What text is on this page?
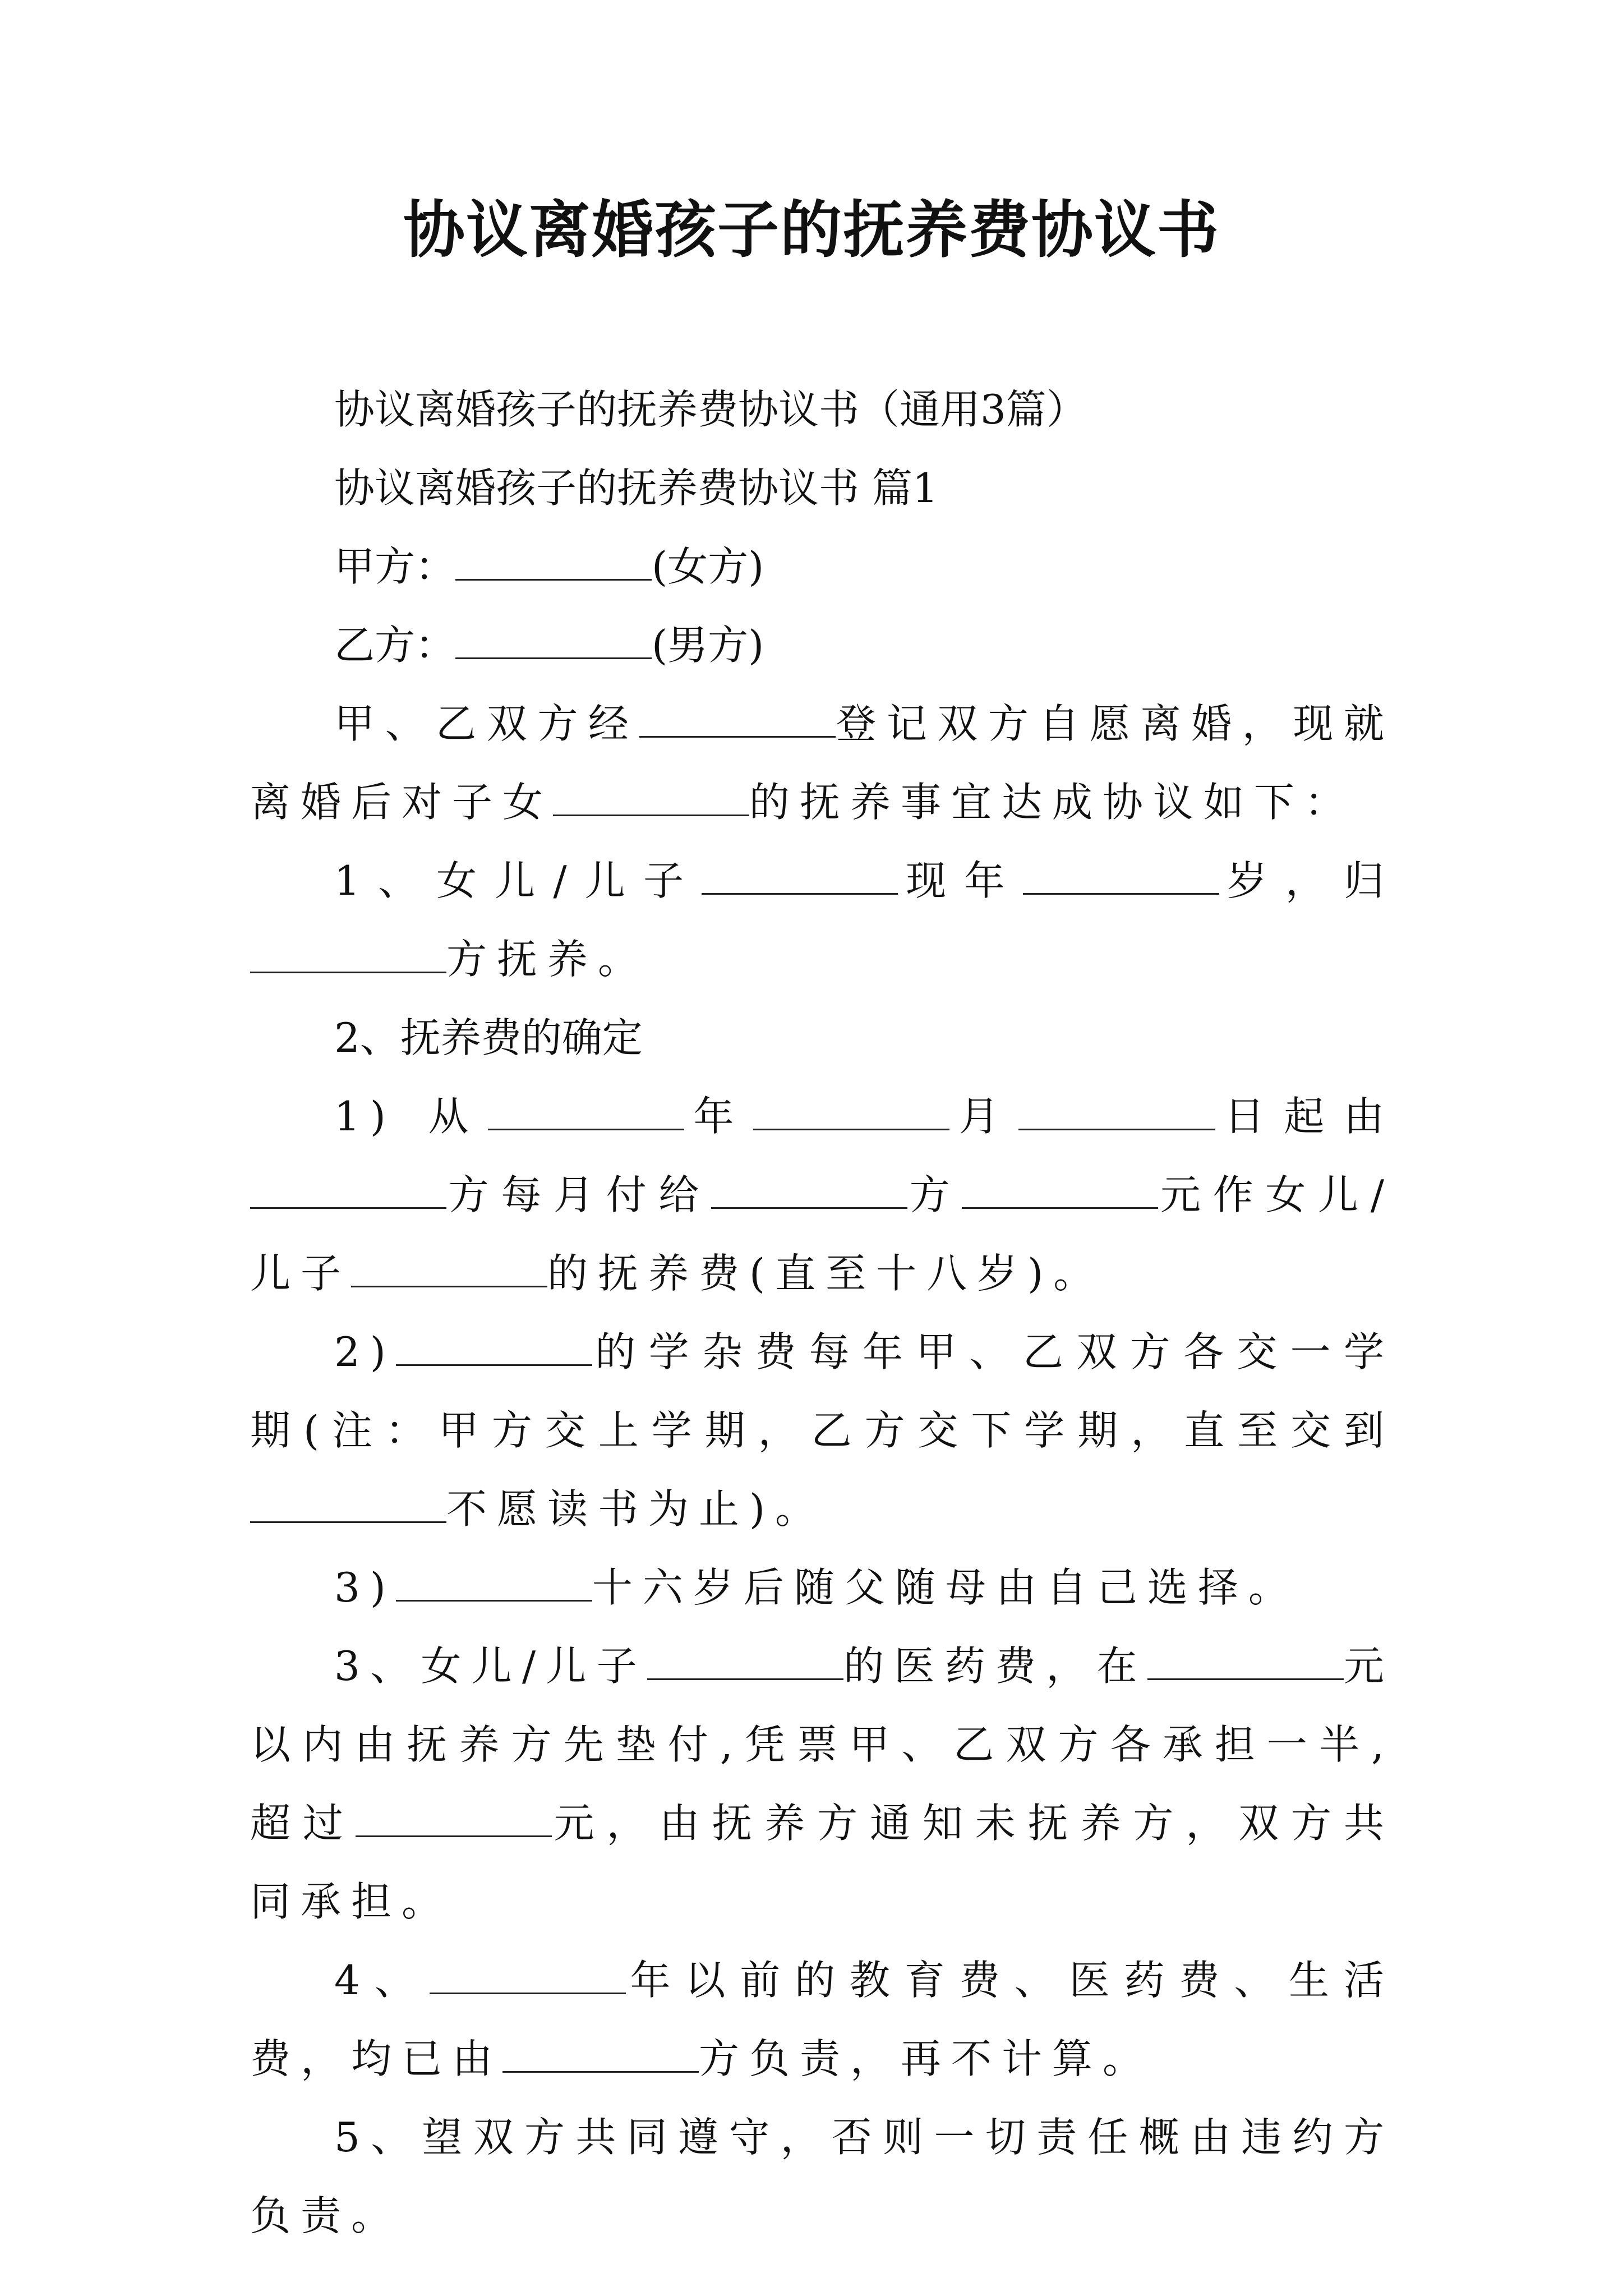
协议离婚孩子的抚养费协议书

协议离婚孩子的抚养费协议书（通用3篇）

协议离婚孩子的抚养费协议书 篇1

甲方：	(女方)

乙方：	(男方)

甲、乙双方经	登记双方自愿离婚，现就离婚后对子女	的抚养事宜达成协议如下：

1、女儿/儿子	现年	岁，归方抚养。

2、抚养费的确定

1) 从	年	月	日起由方每月付给	方	元作女儿/儿子	的抚养费(直至十八岁)。

2)	的学杂费每年甲、乙双方各交一学期(注：甲方交上学期，乙方交下学期，直至交到不愿读书为止)。

3)	十六岁后随父随母由自己选择。

3、女儿/儿子	的医药费，在	元以内由抚养方先垫付,凭票甲、乙双方各承担一半,超过	元，由抚养方通知未抚养方，双方共同承担。

4、	年以前的教育费、医药费、生活费，均已由	方负责，再不计算。

5、望双方共同遵守，否则一切责任概由违约方负责。
